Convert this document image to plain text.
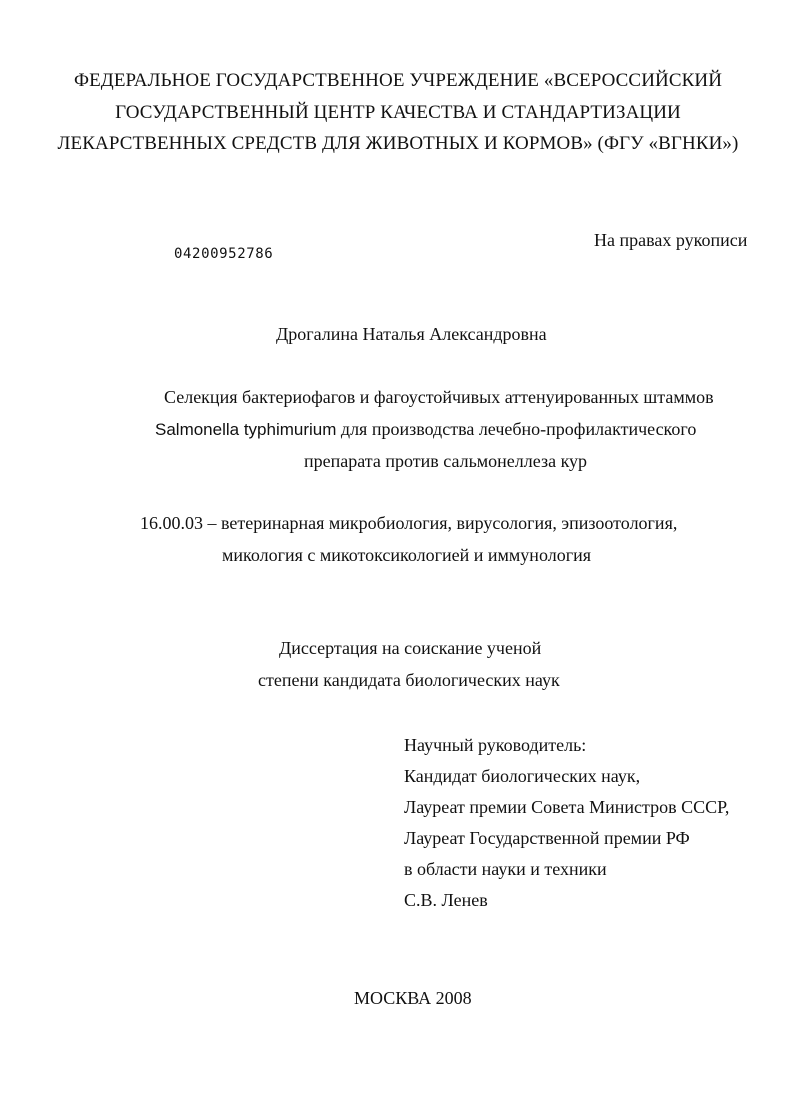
ФЕДЕРАЛЬНОЕ ГОСУДАРСТВЕННОЕ УЧРЕЖДЕНИЕ «ВСЕРОССИЙСКИЙ
ГОСУДАРСТВЕННЫЙ ЦЕНТР КАЧЕСТВА И СТАНДАРТИЗАЦИИ
ЛЕКАРСТВЕННЫХ СРЕДСТВ ДЛЯ ЖИВОТНЫХ И КОРМОВ» (ФГУ «ВГНКИ»)
04200952786
На правах рукописи
Дрогалина Наталья Александровна
Селекция бактериофагов и фагоустойчивых аттенуированных штаммов
Salmonella typhimurium для производства лечебно-профилактического
препарата против сальмонеллеза кур
16.00.03 – ветеринарная микробиология, вирусология, эпизоотология,
микология с микотоксикологией и иммунология
Диссертация на соискание ученой
степени кандидата биологических наук
Научный руководитель:
Кандидат биологических наук,
Лауреат премии Совета Министров СССР,
Лауреат Государственной премии РФ
в области науки и техники
С.В. Ленев
МОСКВА 2008
